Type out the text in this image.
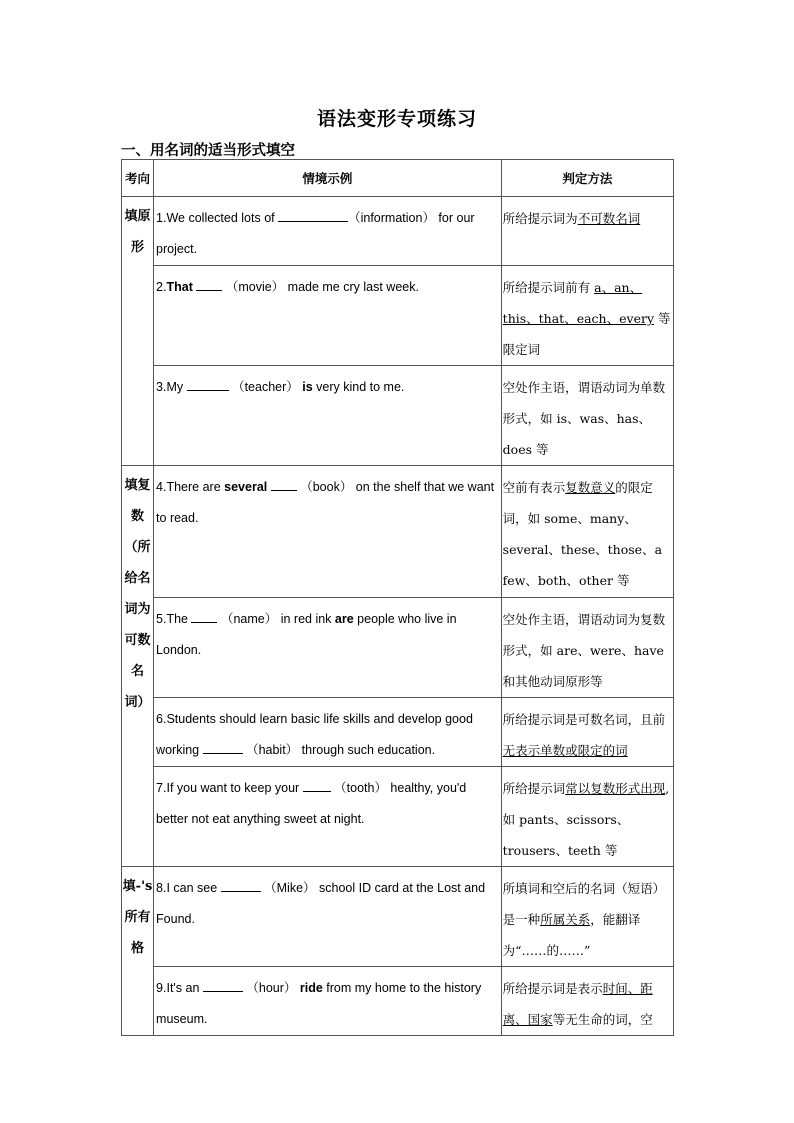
语法变形专项练习
一、用名词的适当形式填空
考向	情境示例	判定方法
填原形	1.We collected lots of （information） for our project.	所给提示词为不可数名词
	2.That  （movie） made me cry last week.	所给提示词前有 a、an、this、that、each、every 等限定词
	3.My （teacher） is very kind to me.	空处作主语，谓语动词为单数形式，如 is、was、has、does 等
填复数（所给名词为可数名词）	4.There are several  （book） on the shelf that we want to read.	空前有表示复数意义的限定词，如 some、many、several、these、those、a few、both、other 等
	5.The  （name） in red ink are people who live in London.	空处作主语，谓语动词为复数形式，如 are、were、have 和其他动词原形等
	6.Students should learn basic life skills and develop good working （habit） through such education.	所给提示词是可数名词，且前无表示单数或限定的词
	7.If you want to keep your  （tooth） healthy, you'd better not eat anything sweet at night.	所给提示词常以复数形式出现,如 pants、scissors、trousers、teeth 等
填-'s所有格	8.I can see （Mike） school ID card at the Lost and Found.	所填词和空后的名词（短语）是一种所属关系，能翻译为“……的……”
	9.It's an （hour） ride from my home to the history museum.	所给提示词是表示时间、距离、国家等无生命的词，空
